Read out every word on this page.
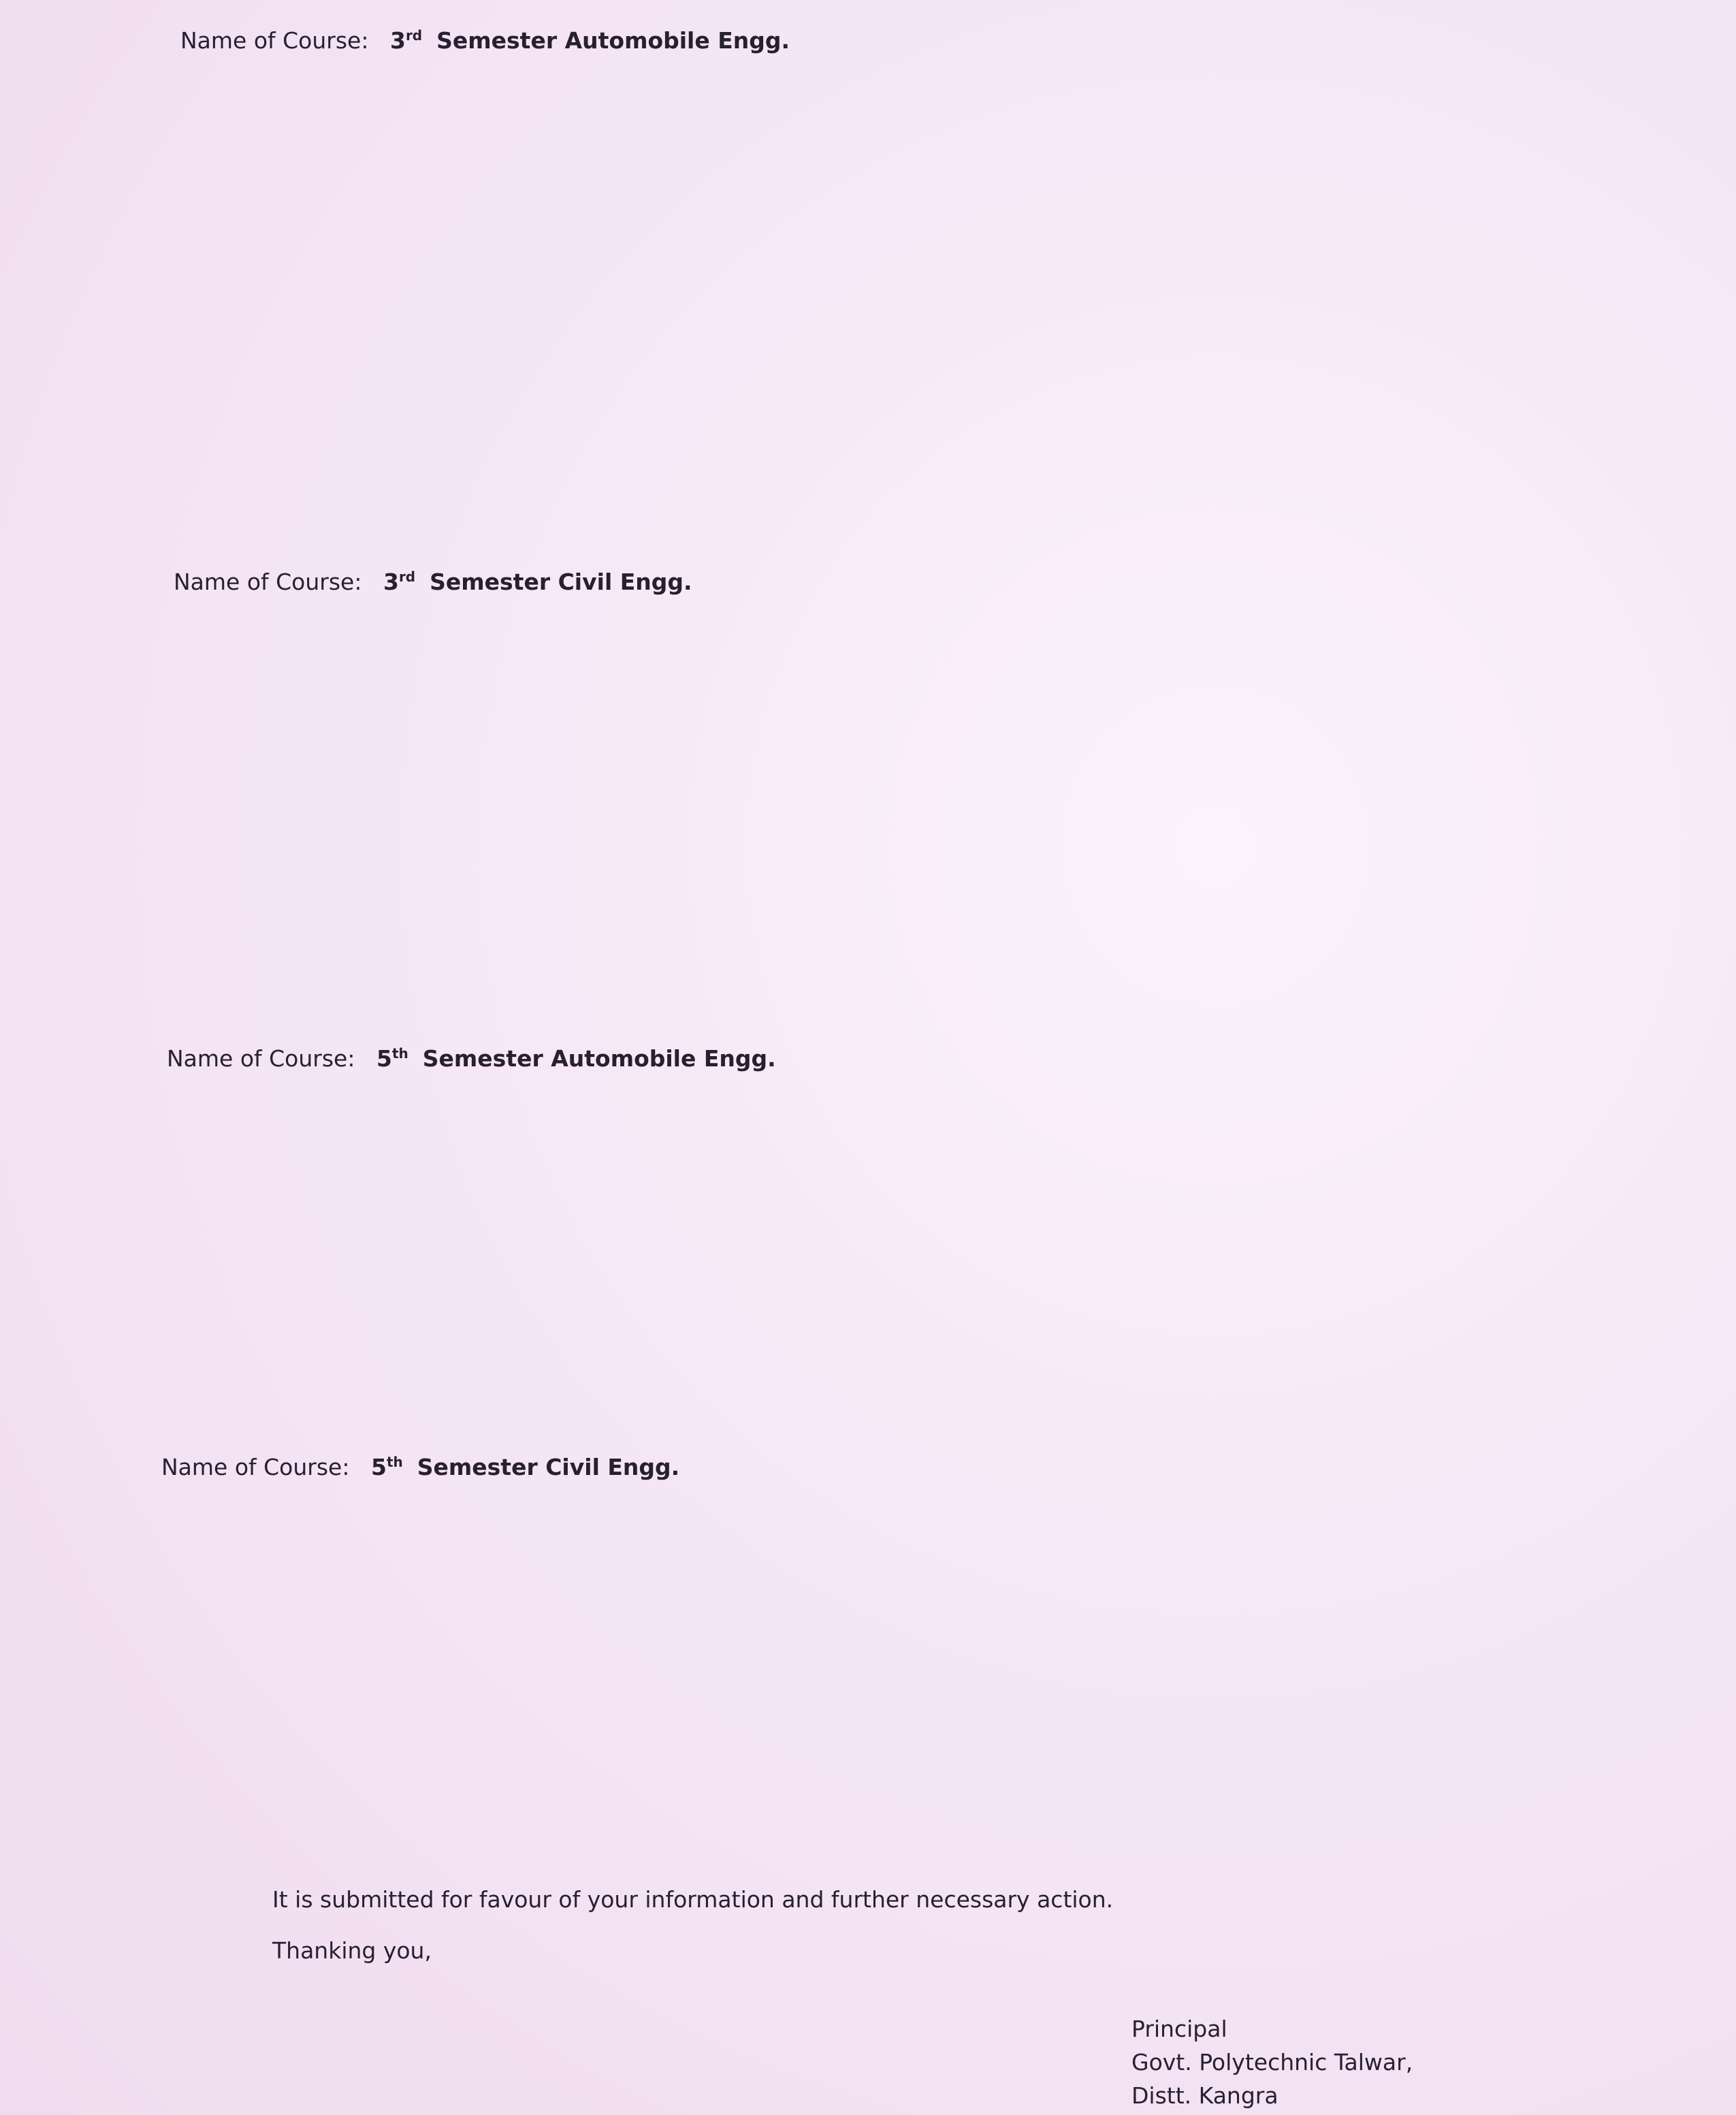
Name of Course: 3rd Semester Automobile Engg.
Name of Course: 3rd Semester Civil Engg.
Name of Course: 5th Semester Automobile Engg.
Name of Course: 5th Semester Civil Engg.
It is submitted for favour of your information and further necessary action.
Thanking you,
Principal
Govt. Polytechnic Talwar,
Distt. Kangra
